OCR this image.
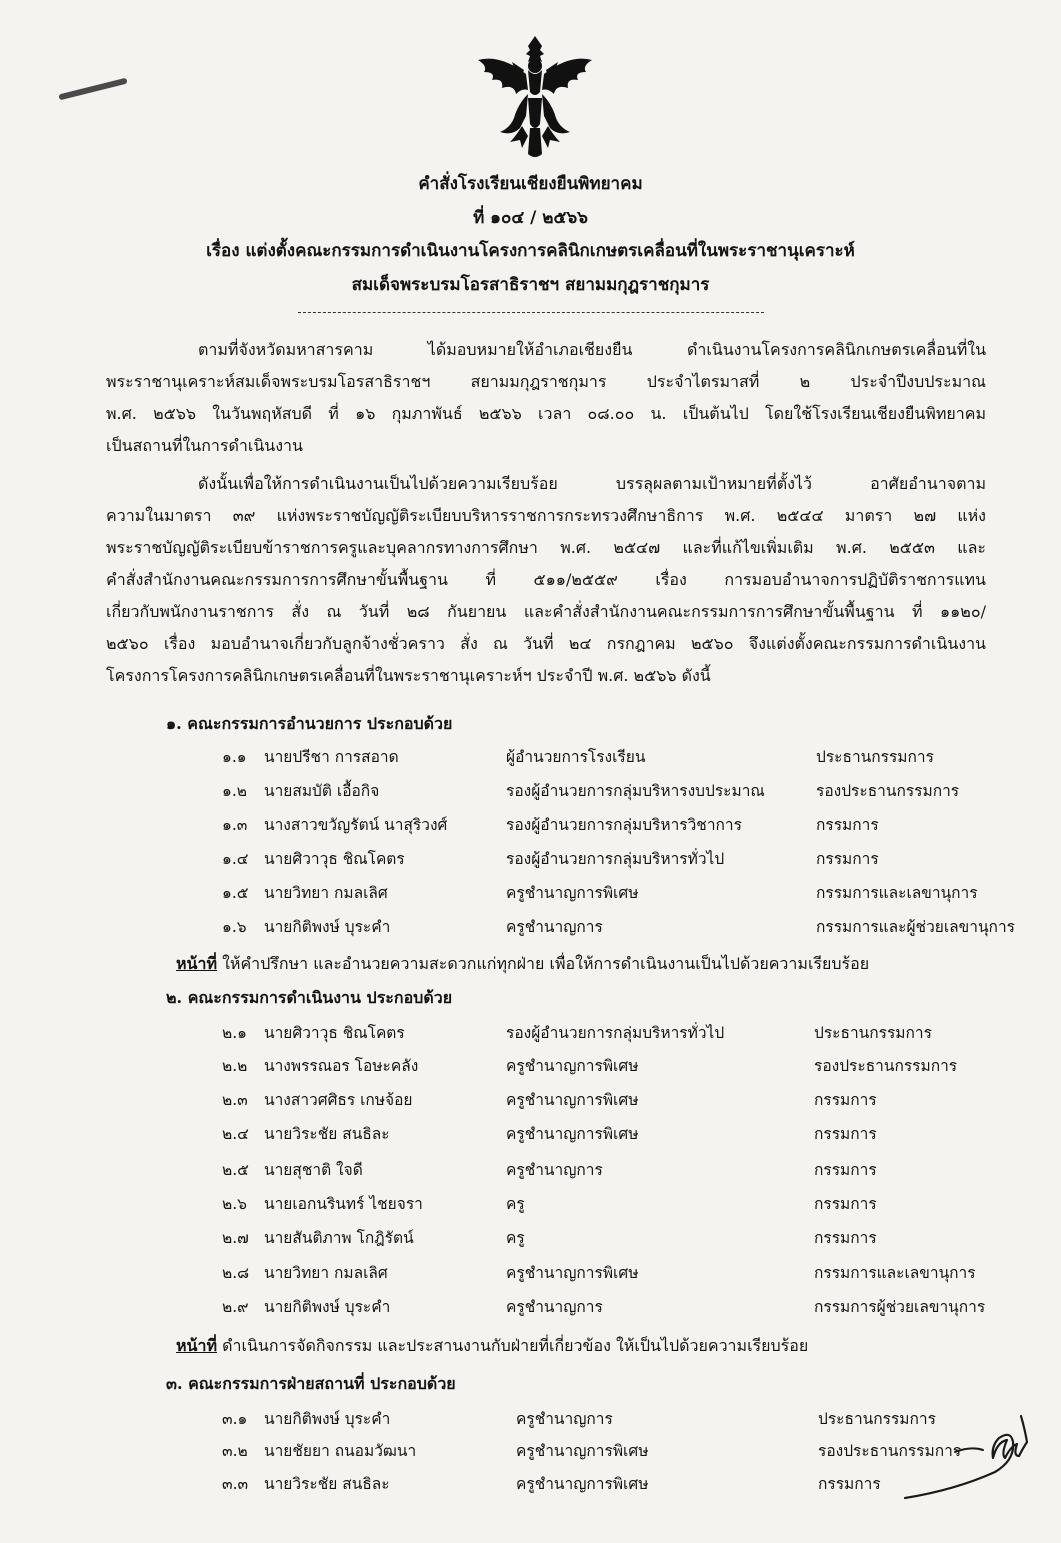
คำสั่งโรงเรียนเชียงยืนพิทยาคม
ที่ ๑๐๔ / ๒๕๖๖
เรื่อง แต่งตั้งคณะกรรมการดำเนินงานโครงการคลินิกเกษตรเคลื่อนที่ในพระราชานุเคราะห์
สมเด็จพระบรมโอรสาธิราชฯ สยามมกุฎราชกุมาร
ตามที่จังหวัดมหาสารคาม ได้มอบหมายให้อำเภอเชียงยืน ดำเนินงานโครงการคลินิกเกษตรเคลื่อนที่ใน
พระราชานุเคราะห์สมเด็จพระบรมโอรสาธิราชฯ สยามมกุฎราชกุมาร ประจำไตรมาสที่ ๒ ประจำปีงบประมาณ
พ.ศ. ๒๕๖๖ ในวันพฤหัสบดี ที่ ๑๖ กุมภาพันธ์ ๒๕๖๖ เวลา ๐๘.๐๐ น. เป็นต้นไป โดยใช้โรงเรียนเชียงยืนพิทยาคม
เป็นสถานที่ในการดำเนินงาน
ดังนั้นเพื่อให้การดำเนินงานเป็นไปด้วยความเรียบร้อย บรรลุผลตามเป้าหมายที่ตั้งไว้ อาศัยอำนาจตาม
ความในมาตรา ๓๙ แห่งพระราชบัญญัติระเบียบบริหารราชการกระทรวงศึกษาธิการ พ.ศ. ๒๕๔๔ มาตรา ๒๗ แห่ง
พระราชบัญญัติระเบียบข้าราชการครูและบุคลากรทางการศึกษา พ.ศ. ๒๕๔๗ และที่แก้ไขเพิ่มเติม พ.ศ. ๒๕๕๓ และ
คำสั่งสำนักงานคณะกรรมการการศึกษาขั้นพื้นฐาน ที่ ๕๑๑/๒๕๕๙ เรื่อง การมอบอำนาจการปฏิบัติราชการแทน
เกี่ยวกับพนักงานราชการ สั่ง ณ วันที่ ๒๘ กันยายน และคำสั่งสำนักงานคณะกรรมการการศึกษาขั้นพื้นฐาน ที่ ๑๑๒๐/
๒๕๖๐ เรื่อง มอบอำนาจเกี่ยวกับลูกจ้างชั่วคราว สั่ง ณ วันที่ ๒๔ กรกฎาคม ๒๕๖๐ จึงแต่งตั้งคณะกรรมการดำเนินงาน
โครงการโครงการคลินิกเกษตรเคลื่อนที่ในพระราชานุเคราะห์ฯ ประจำปี พ.ศ. ๒๕๖๖ ดังนี้
๑. คณะกรรมการอำนวยการ ประกอบด้วย
๑.๑ นายปรีชา การสอาด	ผู้อำนวยการโรงเรียน	ประธานกรรมการ
๑.๒ นายสมบัติ เอื้อกิจ	รองผู้อำนวยการกลุ่มบริหารงบประมาณ	รองประธานกรรมการ
๑.๓ นางสาวขวัญรัตน์ นาสุริวงศ์	รองผู้อำนวยการกลุ่มบริหารวิชาการ	กรรมการ
๑.๔ นายศิวาวุธ ชิณโคตร	รองผู้อำนวยการกลุ่มบริหารทั่วไป	กรรมการ
๑.๕ นายวิทยา กมลเลิศ	ครูชำนาญการพิเศษ	กรรมการและเลขานุการ
๑.๖ นายกิติพงษ์ บุระคำ	ครูชำนาญการ	กรรมการและผู้ช่วยเลขานุการ
หน้าที่ ให้คำปรึกษา และอำนวยความสะดวกแก่ทุกฝ่าย เพื่อให้การดำเนินงานเป็นไปด้วยความเรียบร้อย
๒. คณะกรรมการดำเนินงาน ประกอบด้วย
๒.๑ นายศิวาวุธ ชิณโคตร	รองผู้อำนวยการกลุ่มบริหารทั่วไป	ประธานกรรมการ
๒.๒ นางพรรณอร โอษะคลัง	ครูชำนาญการพิเศษ	รองประธานกรรมการ
๒.๓ นางสาวศศิธร เกษจ้อย	ครูชำนาญการพิเศษ	กรรมการ
๒.๔ นายวิระชัย สนธิละ	ครูชำนาญการพิเศษ	กรรมการ
๒.๕ นายสุชาติ ใจดี	ครูชำนาญการ	กรรมการ
๒.๖ นายเอกนรินทร์ ไชยจรา	ครู	กรรมการ
๒.๗ นายสันติภาพ โกฎิรัตน์	ครู	กรรมการ
๒.๘ นายวิทยา กมลเลิศ	ครูชำนาญการพิเศษ	กรรมการและเลขานุการ
๒.๙ นายกิติพงษ์ บุระคำ	ครูชำนาญการ	กรรมการผู้ช่วยเลขานุการ
หน้าที่ ดำเนินการจัดกิจกรรม และประสานงานกับฝ่ายที่เกี่ยวข้อง ให้เป็นไปด้วยความเรียบร้อย
๓. คณะกรรมการฝ่ายสถานที่ ประกอบด้วย
๓.๑ นายกิติพงษ์ บุระคำ	ครูชำนาญการ	ประธานกรรมการ
๓.๒ นายชัยยา ถนอมวัฒนา	ครูชำนาญการพิเศษ	รองประธานกรรมการ
๓.๓ นายวิระชัย สนธิละ	ครูชำนาญการพิเศษ	กรรมการ
